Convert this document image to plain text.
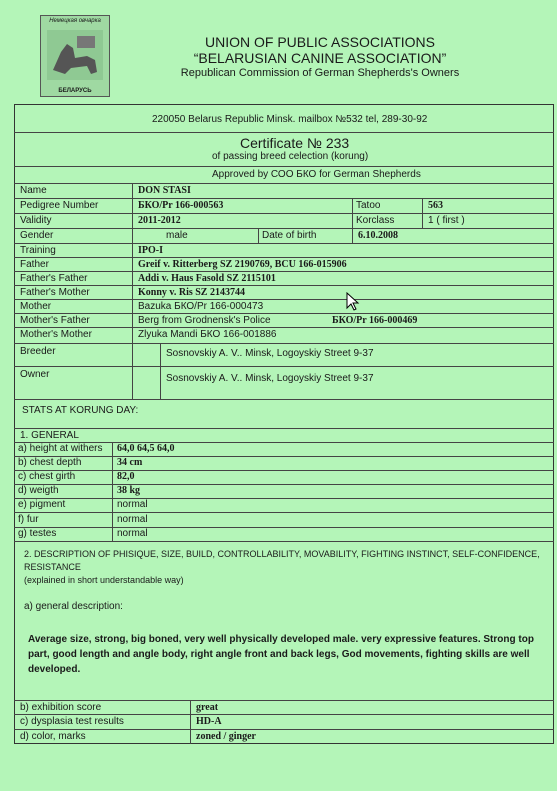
Немецкая овчарка
БЕЛАРУСЬ
UNION OF PUBLIC ASSOCIATIONS
“BELARUSIAN CANINE ASSOCIATION”
Republican Commission of German Shepherds's Owners
220050 Belarus Republic Minsk. mailbox №532 tel, 289-30-92
Certificate № 233
of passing breed celection (korung)
Approved by СОО БКО for German Shepherds
Name	DON STASI
Pedigree Number	БКО/Pr 166-000563	Tatoo	563
Validity	2011-2012	Korclass	1 ( first )
Gender	male	Date of birth	6.10.2008
Training	IPO-I
Father	Greif v. Ritterberg SZ 2190769, BCU 166-015906
Father's Father	Addi v. Haus Fasold SZ 2115101
Father's Mother	Konny v. Ris SZ 2143744
Mother	Bazuka БКО/Pr 166-000473
Mother's Father	Berg from Grodnensk's Police	БКО/Pr 166-000469
Mother's Mother	Zlyuka Mandi БКО 166-001886
Breeder	Sosnovskiy A. V.. Minsk, Logoyskiy Street 9-37
Owner	Sosnovskiy A. V.. Minsk, Logoyskiy Street 9-37
STATS AT KORUNG DAY:
1. GENERAL
a) height at withers 64,0 64,5 64,0
b) chest depth	34 cm
c) chest girth	82,0
d) weigth	38 kg
e) pigment	normal
f) fur	normal
g) testes	normal
2. DESCRIPTION OF PHISIQUE, SIZE, BUILD, CONTROLLABILITY, MOVABILITY, FIGHTING INSTINCT, SELF-CONFIDENCE,
RESISTANCE
(explained in short understandable way)
a) general description:
Average size, strong, big boned, very well physically developed male. very expressive features. Strong top part, good length and angle body, right angle front and back legs, God movements, fighting skills are well developed.
b) exhibition score	great
c) dysplasia test results	HD-A
d) color, marks	zoned / ginger
